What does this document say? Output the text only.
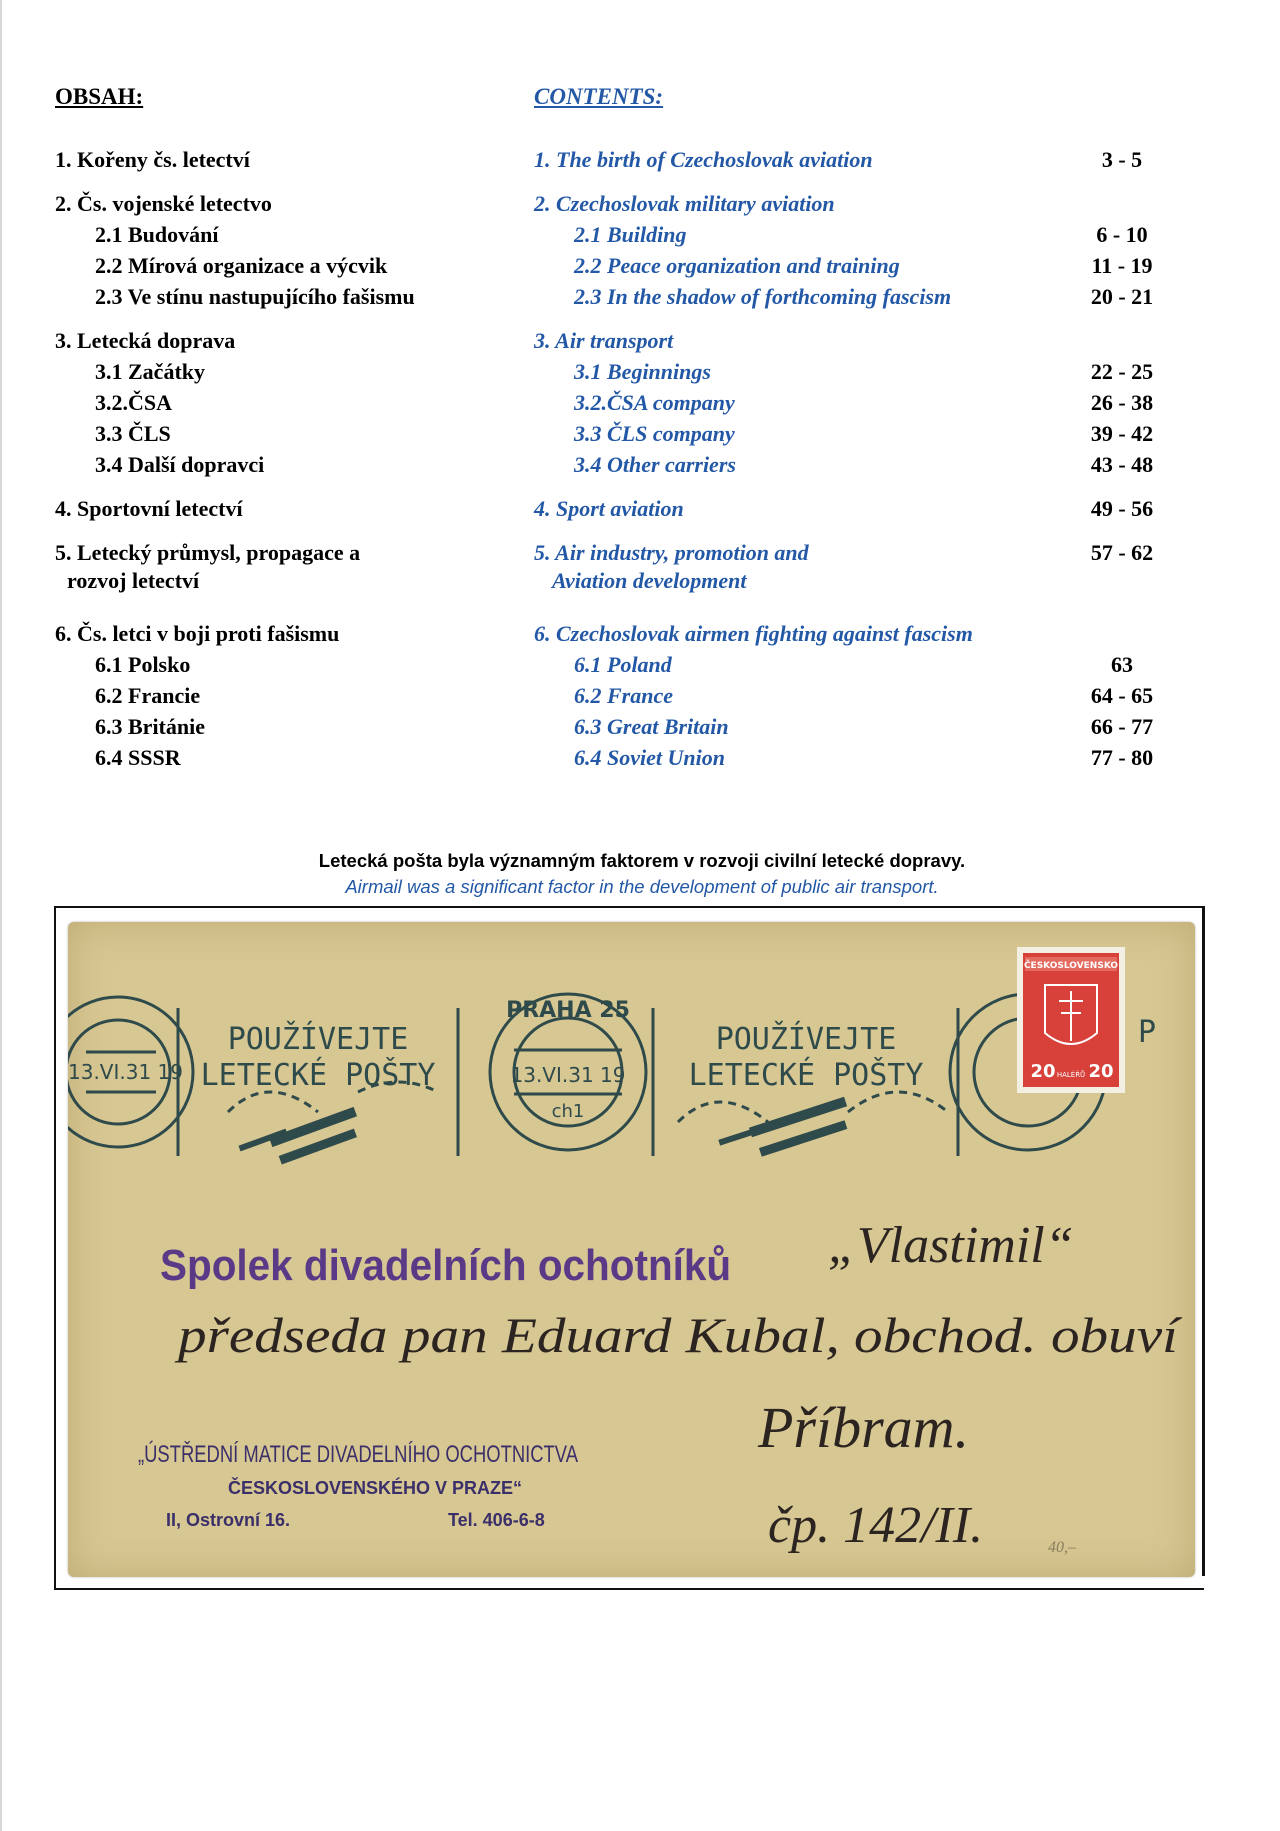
OBSAH:	CONTENTS:
1. Kořeny čs. letectví	1. The birth of Czechoslovak aviation	3 - 5
2. Čs. vojenské letectvo	2. Czechoslovak military aviation
2.1 Budování	2.1 Building	6 - 10
2.2 Mírová organizace a výcvik	2.2 Peace organization and training	11 - 19
2.3 Ve stínu nastupujícího fašismu	2.3 In the shadow of forthcoming fascism	20 - 21
3. Letecká doprava	3. Air transport
3.1 Začátky	3.1 Beginnings	22 - 25
3.2.ČSA	3.2.ČSA company	26 - 38
3.3 ČLS	3.3 ČLS company	39 - 42
3.4 Další dopravci	3.4 Other carriers	43 - 48
4. Sportovní letectví	4. Sport aviation	49 - 56
5. Letecký průmysl, propagace a	5. Air industry, promotion and	57 - 62
rozvoj letectví	Aviation development
6. Čs. letci v boji proti fašismu	6. Czechoslovak airmen fighting against fascism
6.1 Polsko	6.1 Poland	63
6.2 Francie	6.2 France	64 - 65
6.3 Británie	6.3 Great Britain	66 - 77
6.4 SSSR	6.4 Soviet Union	77 - 80
Letecká pošta byla významným faktorem v rozvoji civilní letecké dopravy.
Airmail was a significant factor in the development of public air transport.
13.VI.31 19
POUŽÍVEJTE
LETECKÉ POŠTY
PRAHA 25
13.VI.31 19
ch1
POUŽÍVEJTE
LETECKÉ POŠTY
P
Spolek divadelních ochotníků „Vlastimil“
předseda pan Eduard Kubal, obchod. obuví
Příbram.
čp. 142/II.	40,–
„ÚSTŘEDNÍ MATICE DIVADELNÍHO OCHOTNICTVA
ČESKOSLOVENSKÉHO V PRAZE“
II, Ostrovní 16.	Tel. 406-6-8
ČESKOSLOVENSKO
20 HALÉŘŮ 20
